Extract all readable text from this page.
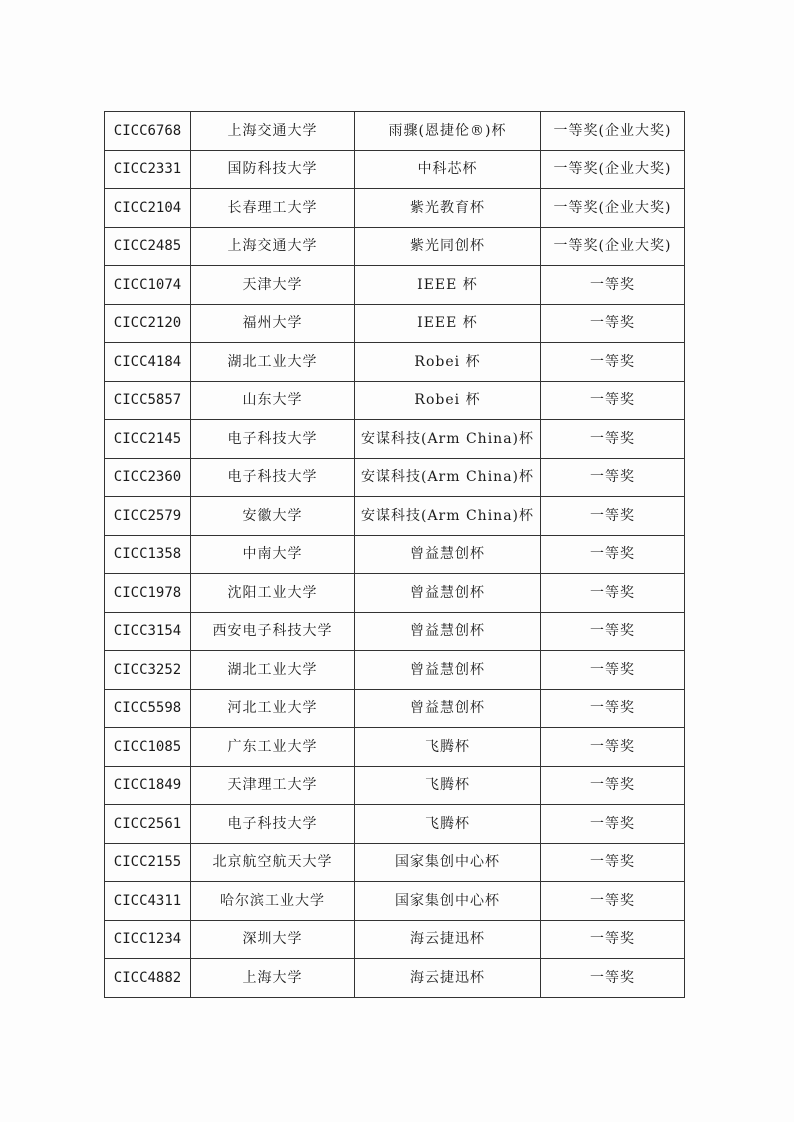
CICC6768	上海交通大学	雨骤(恩捷伦®)杯	一等奖(企业大奖)
CICC2331	国防科技大学	中科芯杯	一等奖(企业大奖)
CICC2104	长春理工大学	紫光教育杯	一等奖(企业大奖)
CICC2485	上海交通大学	紫光同创杯	一等奖(企业大奖)
CICC1074	天津大学	IEEE 杯	一等奖
CICC2120	福州大学	IEEE 杯	一等奖
CICC4184	湖北工业大学	Robei 杯	一等奖
CICC5857	山东大学	Robei 杯	一等奖
CICC2145	电子科技大学	安谋科技(Arm China)杯	一等奖
CICC2360	电子科技大学	安谋科技(Arm China)杯	一等奖
CICC2579	安徽大学	安谋科技(Arm China)杯	一等奖
CICC1358	中南大学	曾益慧创杯	一等奖
CICC1978	沈阳工业大学	曾益慧创杯	一等奖
CICC3154	西安电子科技大学	曾益慧创杯	一等奖
CICC3252	湖北工业大学	曾益慧创杯	一等奖
CICC5598	河北工业大学	曾益慧创杯	一等奖
CICC1085	广东工业大学	飞腾杯	一等奖
CICC1849	天津理工大学	飞腾杯	一等奖
CICC2561	电子科技大学	飞腾杯	一等奖
CICC2155	北京航空航天大学	国家集创中心杯	一等奖
CICC4311	哈尔滨工业大学	国家集创中心杯	一等奖
CICC1234	深圳大学	海云捷迅杯	一等奖
CICC4882	上海大学	海云捷迅杯	一等奖
